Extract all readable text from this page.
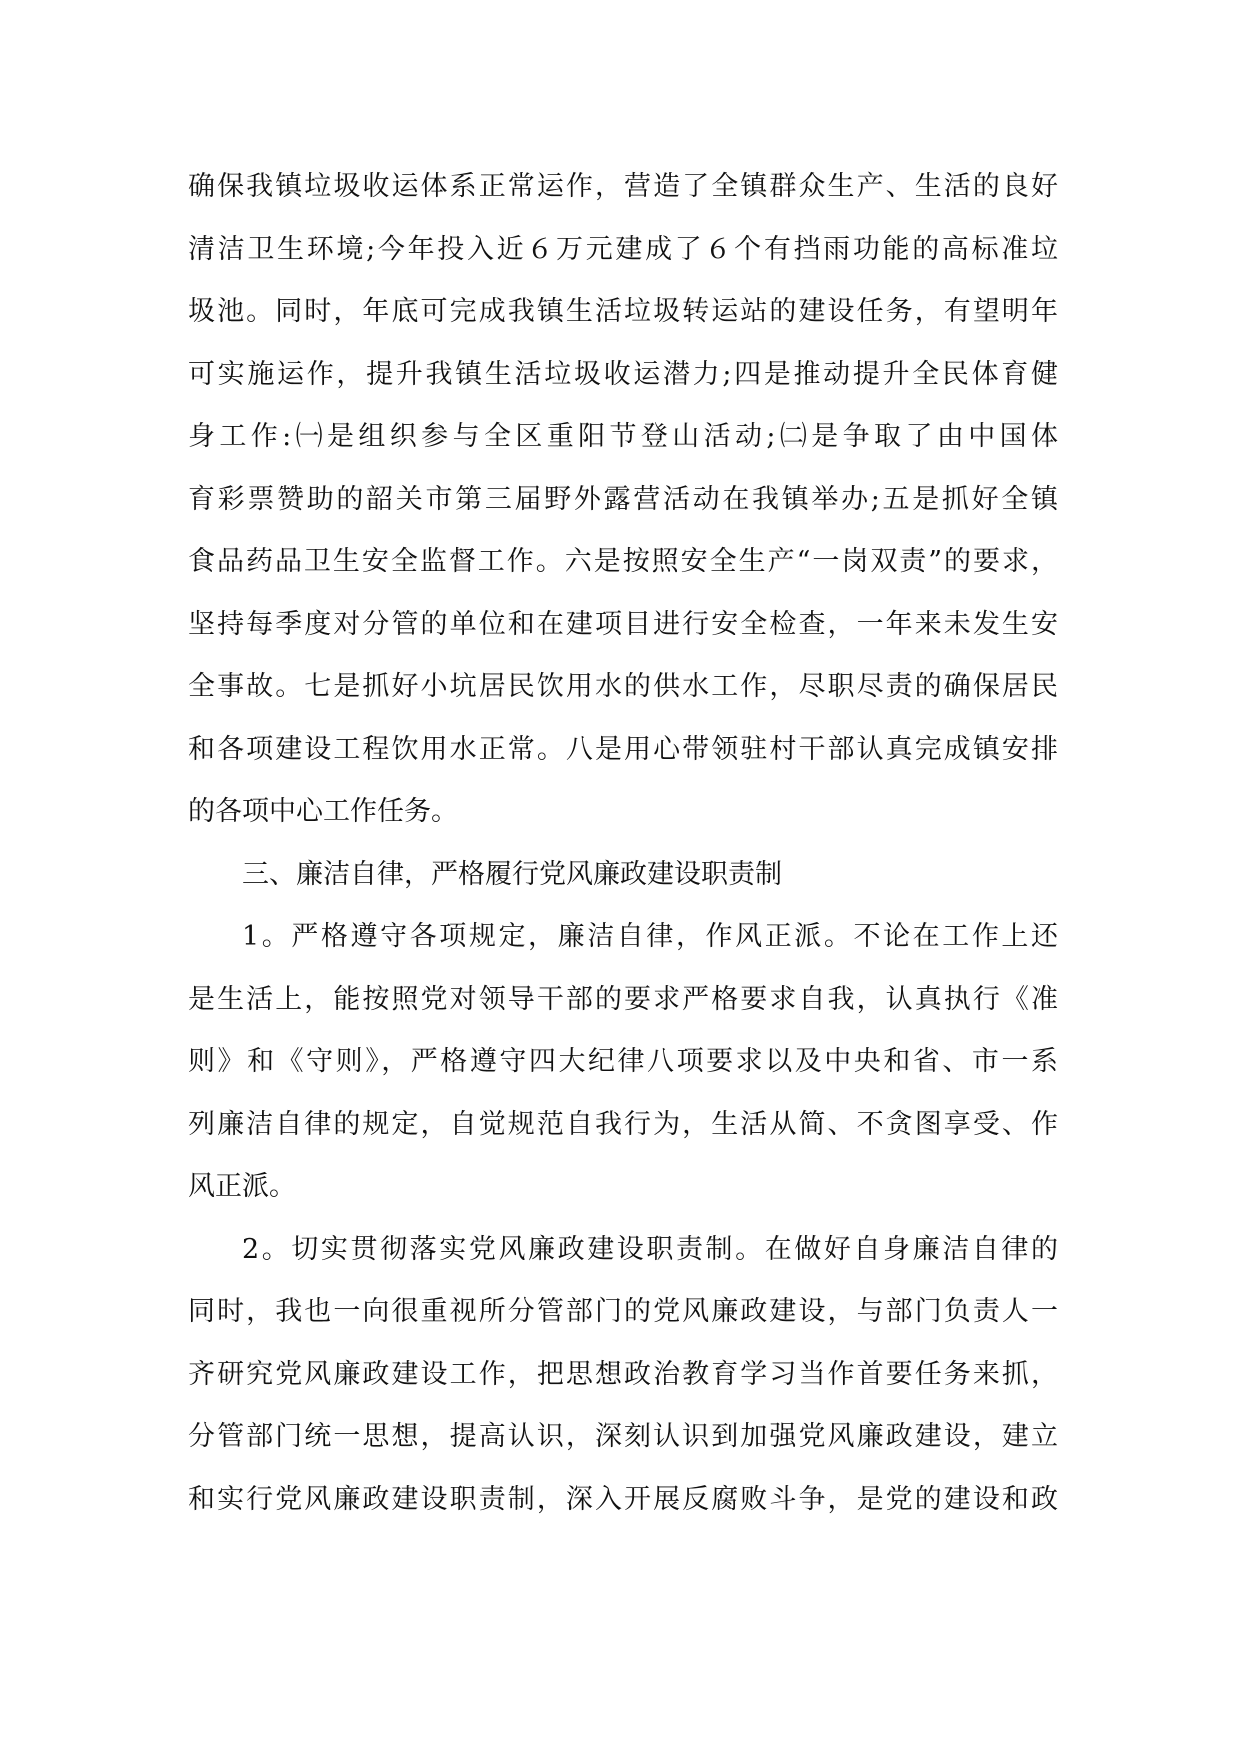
确保我镇垃圾收运体系正常运作，营造了全镇群众生产、生活的良好
清洁卫生环境;今年投入近６万元建成了６个有挡雨功能的高标准垃
圾池。同时，年底可完成我镇生活垃圾转运站的建设任务，有望明年
可实施运作，提升我镇生活垃圾收运潜力;四是推动提升全民体育健
身工作:㈠是组织参与全区重阳节登山活动;㈡是争取了由中国体
育彩票赞助的韶关市第三届野外露营活动在我镇举办;五是抓好全镇
食品药品卫生安全监督工作。六是按照安全生产“一岗双责”的要求，
坚持每季度对分管的单位和在建项目进行安全检查，一年来未发生安
全事故。七是抓好小坑居民饮用水的供水工作，尽职尽责的确保居民
和各项建设工程饮用水正常。八是用心带领驻村干部认真完成镇安排
的各项中心工作任务。
三、廉洁自律，严格履行党风廉政建设职责制
1。严格遵守各项规定，廉洁自律，作风正派。不论在工作上还
是生活上，能按照党对领导干部的要求严格要求自我，认真执行《准
则》和《守则》，严格遵守四大纪律八项要求以及中央和省、市一系
列廉洁自律的规定，自觉规范自我行为，生活从简、不贪图享受、作
风正派。
2。切实贯彻落实党风廉政建设职责制。在做好自身廉洁自律的
同时，我也一向很重视所分管部门的党风廉政建设，与部门负责人一
齐研究党风廉政建设工作，把思想政治教育学习当作首要任务来抓，
分管部门统一思想，提高认识，深刻认识到加强党风廉政建设，建立
和实行党风廉政建设职责制，深入开展反腐败斗争，是党的建设和政
